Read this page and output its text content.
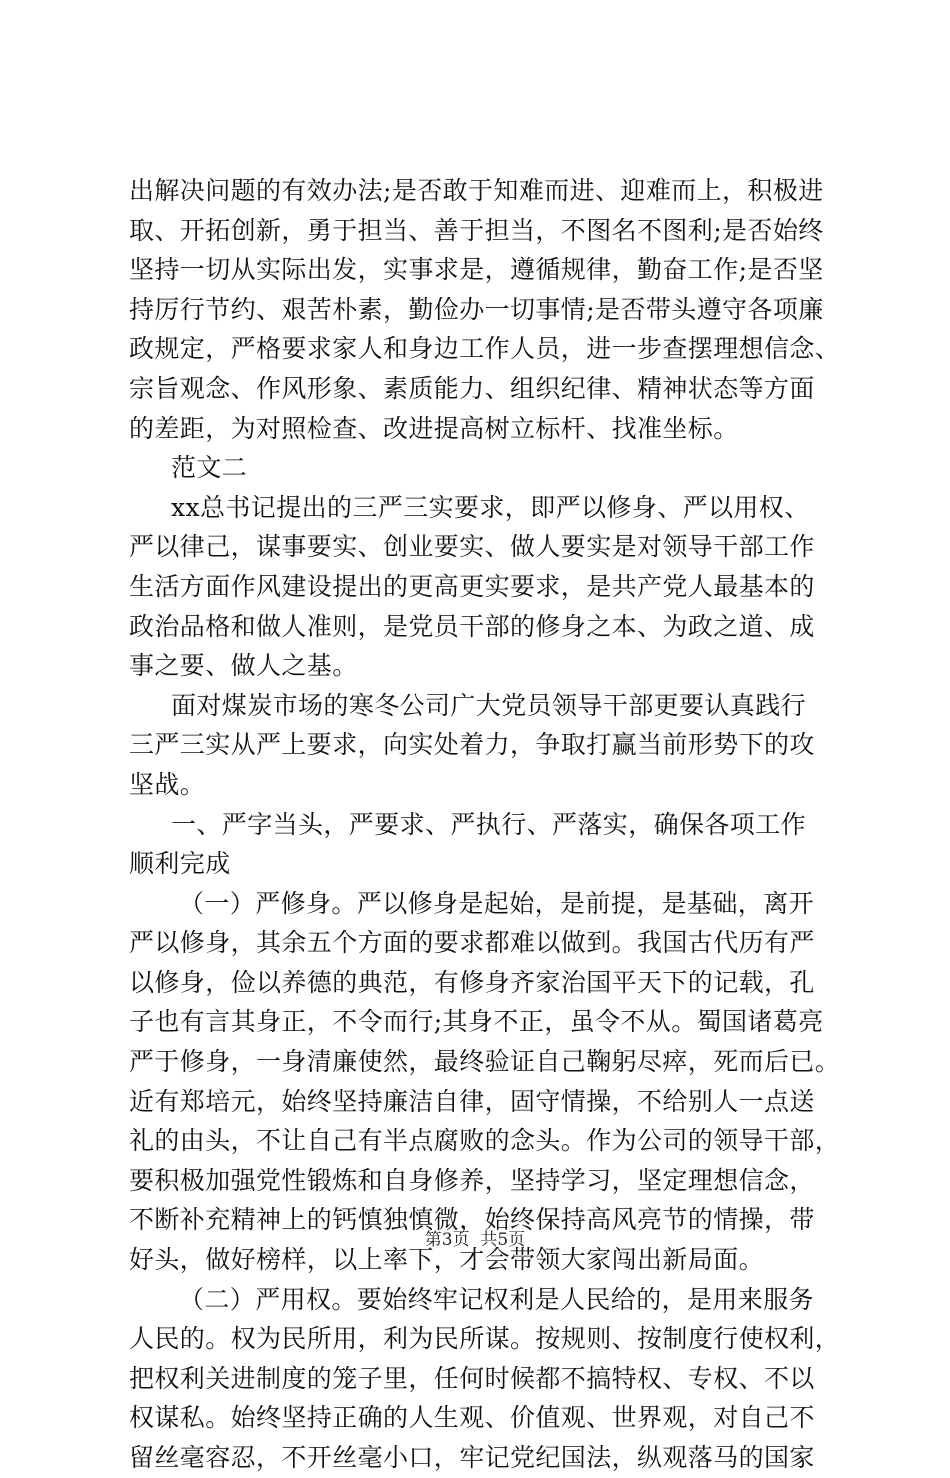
出解决问题的有效办法;是否敢于知难而进、迎难而上，积极进
取、开拓创新，勇于担当、善于担当，不图名不图利;是否始终
坚持一切从实际出发，实事求是，遵循规律，勤奋工作;是否坚
持厉行节约、艰苦朴素，勤俭办一切事情;是否带头遵守各项廉
政规定，严格要求家人和身边工作人员，进一步查摆理想信念、
宗旨观念、作风形象、素质能力、组织纪律、精神状态等方面
的差距，为对照检查、改进提高树立标杆、找准坐标。
范文二
xx总书记提出的三严三实要求，即严以修身、严以用权、
严以律己，谋事要实、创业要实、做人要实是对领导干部工作
生活方面作风建设提出的更高更实要求，是共产党人最基本的
政治品格和做人准则，是党员干部的修身之本、为政之道、成
事之要、做人之基。
面对煤炭市场的寒冬公司广大党员领导干部更要认真践行
三严三实从严上要求，向实处着力，争取打赢当前形势下的攻
坚战。
一、严字当头，严要求、严执行、严落实，确保各项工作
顺利完成
（一）严修身。严以修身是起始，是前提，是基础，离开
严以修身，其余五个方面的要求都难以做到。我国古代历有严
以修身，俭以养德的典范，有修身齐家治国平天下的记载，孔
子也有言其身正，不令而行;其身不正，虽令不从。蜀国诸葛亮
严于修身，一身清廉使然，最终验证自己鞠躬尽瘁，死而后已。
近有郑培元，始终坚持廉洁自律，固守情操，不给别人一点送
礼的由头，不让自己有半点腐败的念头。作为公司的领导干部，
要积极加强党性锻炼和自身修养，坚持学习，坚定理想信念，
不断补充精神上的钙慎独慎微，始终保持高风亮节的情操，带
好头，做好榜样，以上率下，才会带领大家闯出新局面。
（二）严用权。要始终牢记权利是人民给的，是用来服务
人民的。权为民所用，利为民所谋。按规则、按制度行使权利，
把权利关进制度的笼子里，任何时候都不搞特权、专权、不以
权谋私。始终坚持正确的人生观、价值观、世界观，对自己不
留丝毫容忍，不开丝毫小口，牢记党纪国法，纵观落马的国家
第3页  共5页
